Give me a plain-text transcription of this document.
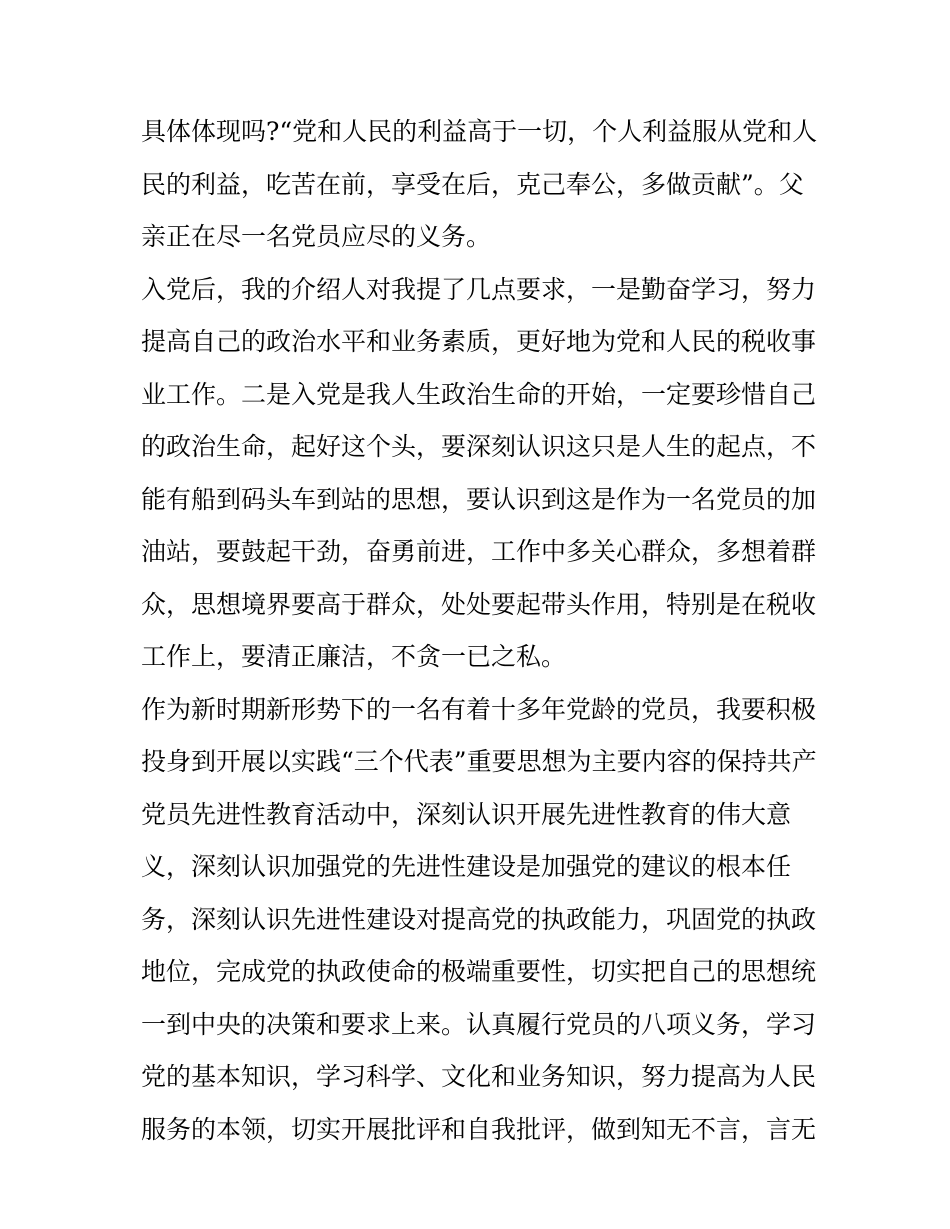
具体体现吗?“党和人民的利益高于一切，个人利益服从党和人
民的利益，吃苦在前，享受在后，克己奉公，多做贡献”。父
亲正在尽一名党员应尽的义务。
入党后，我的介绍人对我提了几点要求，一是勤奋学习，努力
提高自己的政治水平和业务素质，更好地为党和人民的税收事
业工作。二是入党是我人生政治生命的开始，一定要珍惜自己
的政治生命，起好这个头，要深刻认识这只是人生的起点，不
能有船到码头车到站的思想，要认识到这是作为一名党员的加
油站，要鼓起干劲，奋勇前进，工作中多关心群众，多想着群
众，思想境界要高于群众，处处要起带头作用，特别是在税收
工作上，要清正廉洁，不贪一已之私。
作为新时期新形势下的一名有着十多年党龄的党员，我要积极
投身到开展以实践“三个代表”重要思想为主要内容的保持共产
党员先进性教育活动中，深刻认识开展先进性教育的伟大意
义，深刻认识加强党的先进性建设是加强党的建议的根本任
务，深刻认识先进性建设对提高党的执政能力，巩固党的执政
地位，完成党的执政使命的极端重要性，切实把自己的思想统
一到中央的决策和要求上来。认真履行党员的八项义务，学习
党的基本知识，学习科学、文化和业务知识，努力提高为人民
服务的本领，切实开展批评和自我批评，做到知无不言，言无
